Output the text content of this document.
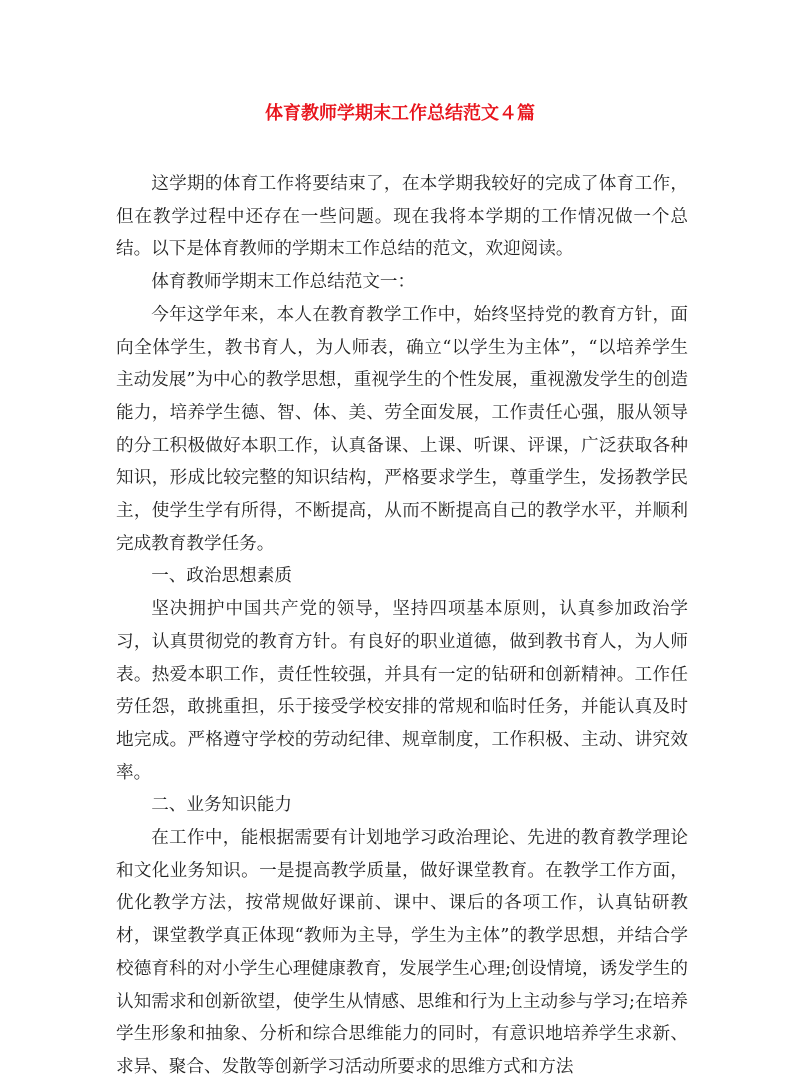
体育教师学期末工作总结范文４篇

这学期的体育工作将要结束了，在本学期我较好的完成了体育工作，但在教学过程中还存在一些问题。现在我将本学期的工作情况做一个总结。以下是体育教师的学期末工作总结的范文，欢迎阅读。

体育教师学期末工作总结范文一：

今年这学年来，本人在教育教学工作中，始终坚持党的教育方针，面向全体学生，教书育人，为人师表，确立“以学生为主体”，“以培养学生主动发展”为中心的教学思想，重视学生的个性发展，重视激发学生的创造能力，培养学生德、智、体、美、劳全面发展，工作责任心强，服从领导的分工积极做好本职工作，认真备课、上课、听课、评课，广泛获取各种知识，形成比较完整的知识结构，严格要求学生，尊重学生，发扬教学民主，使学生学有所得，不断提高，从而不断提高自己的教学水平，并顺利完成教育教学任务。

一、政治思想素质

坚决拥护中国共产党的领导，坚持四项基本原则，认真参加政治学习，认真贯彻党的教育方针。有良好的职业道德，做到教书育人，为人师表。热爱本职工作，责任性较强，并具有一定的钻研和创新精神。工作任劳任怨，敢挑重担，乐于接受学校安排的常规和临时任务，并能认真及时地完成。严格遵守学校的劳动纪律、规章制度，工作积极、主动、讲究效率。

二、业务知识能力

在工作中，能根据需要有计划地学习政治理论、先进的教育教学理论和文化业务知识。一是提高教学质量，做好课堂教育。在教学工作方面，优化教学方法，按常规做好课前、课中、课后的各项工作，认真钻研教材，课堂教学真正体现“教师为主导，学生为主体”的教学思想，并结合学校德育科的对小学生心理健康教育，发展学生心理;创设情境，诱发学生的认知需求和创新欲望，使学生从情感、思维和行为上主动参与学习;在培养学生形象和抽象、分析和综合思维能力的同时，有意识地培养学生求新、求异、聚合、发散等创新学习活动所要求的思维方式和方法
